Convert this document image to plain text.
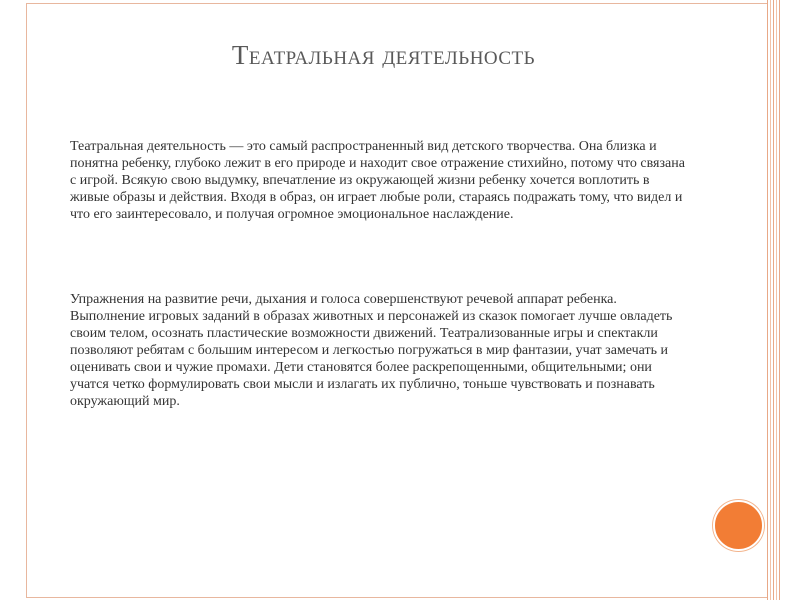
Театральная деятельность

Театральная деятельность — это самый распространенный вид детского творчества. Она близка и понятна ребенку, глубоко лежит в его природе и находит свое отражение стихийно, потому что связана с игрой. Всякую свою выдумку, впечатление из окружающей жизни ребенку хочется воплотить в живые образы и действия. Входя в образ, он играет любые роли, стараясь подражать тому, что видел и что его заинтересовало, и получая огромное эмоциональное наслаждение.

Упражнения на развитие речи, дыхания и голоса совершенствуют речевой аппарат ребенка. Выполнение игровых заданий в образах животных и персонажей из сказок помогает лучше овладеть своим телом, осознать пластические возможности движений. Театрализованные игры и спектакли позволяют ребятам с большим интересом и легкостью погружаться в мир фантазии, учат замечать и оценивать свои и чужие промахи. Дети становятся более раскрепощенными, общительными; они учатся четко формулировать свои мысли и излагать их публично, тоньше чувствовать и познавать окружающий мир.
